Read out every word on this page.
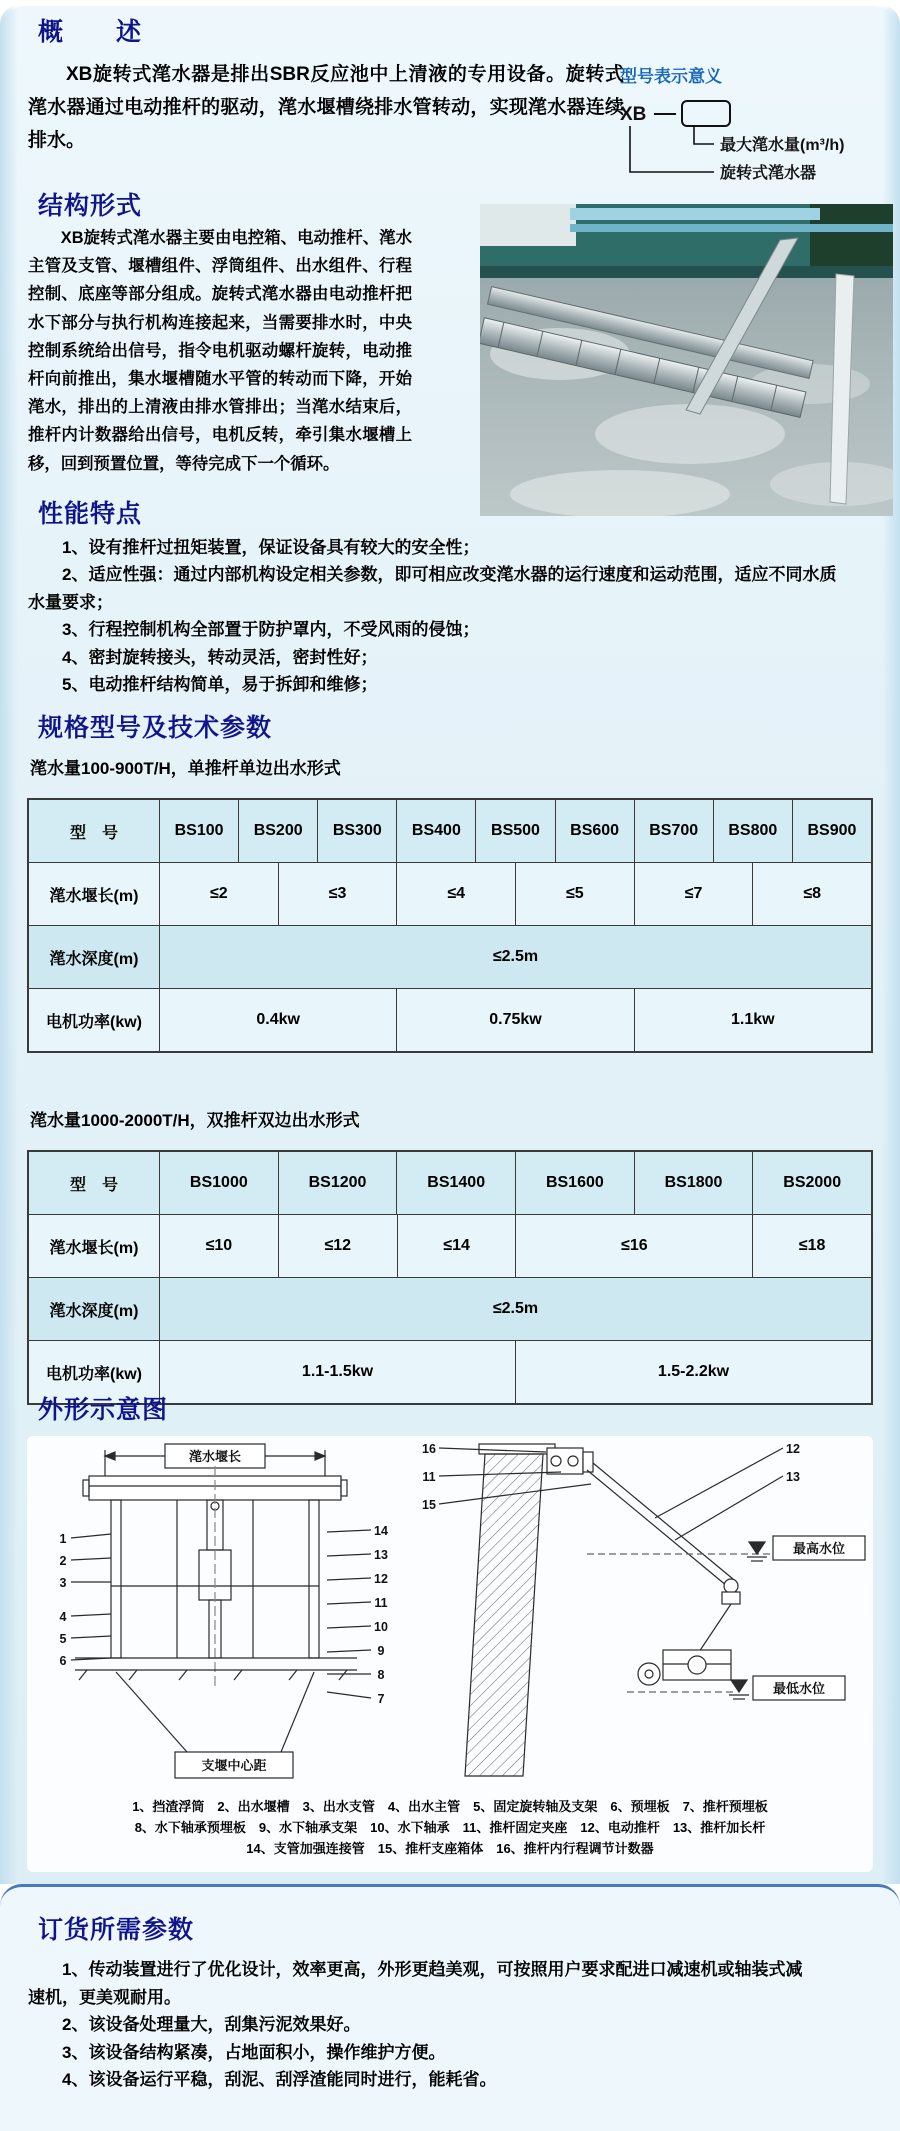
概　　述

XB旋转式滗水器是排出SBR反应池中上清液的专用设备。旋转式滗水器通过电动推杆的驱动，滗水堰槽绕排水管转动，实现滗水器连续排水。

型号表示意义
XB
最大滗水量(m³/h)
旋转式滗水器
结构形式

XB旋转式滗水器主要由电控箱、电动推杆、滗水主管及支管、堰槽组件、浮筒组件、出水组件、行程控制、底座等部分组成。旋转式滗水器由电动推杆把水下部分与执行机构连接起来，当需要排水时，中央控制系统给出信号，指令电机驱动螺杆旋转，电动推杆向前推出，集水堰槽随水平管的转动而下降，开始滗水，排出的上清液由排水管排出；当滗水结束后，推杆内计数器给出信号，电机反转，牵引集水堰槽上移，回到预置位置，等待完成下一个循环。

性能特点

1、设有推杆过扭矩装置，保证设备具有较大的安全性；

2、适应性强：通过内部机构设定相关参数，即可相应改变滗水器的运行速度和运动范围，适应不同水质水量要求；

3、行程控制机构全部置于防护罩内，不受风雨的侵蚀；

4、密封旋转接头，转动灵活，密封性好；

5、电动推杆结构简单，易于拆卸和维修；

规格型号及技术参数

滗水量100-900T/H，单推杆单边出水形式

型　号	BS100	BS200	BS300	BS400	BS500	BS600	BS700	BS800	BS900
滗水堰长(m)	≤2	≤3	≤4	≤5	≤7	≤8
滗水深度(m)	≤2.5m
电机功率(kw)	0.4kw	0.75kw	1.1kw

滗水量1000-2000T/H，双推杆双边出水形式

型　号	BS1000	BS1200	BS1400	BS1600	BS1800	BS2000
滗水堰长(m)	≤10	≤12	≤14	≤16	≤18
滗水深度(m)	≤2.5m
电机功率(kw)	1.1-1.5kw	1.5-2.2kw
外形示意图
滗水堰长
支堰中心距
最高水位
最低水位
1
2
3
4
5
6
14
13
12
11
10
9
8
7
16
11
15
12
13

1、挡渣浮筒　2、出水堰槽　3、出水支管　4、出水主管　5、固定旋转轴及支架　6、预埋板　7、推杆预埋板

8、水下轴承预埋板　9、水下轴承支架　10、水下轴承　11、推杆固定夹座　12、电动推杆　13、推杆加长杆

14、支管加强连接管　15、推杆支座箱体　16、推杆内行程调节计数器

订货所需参数

1、传动装置进行了优化设计，效率更高，外形更趋美观，可按照用户要求配进口减速机或轴装式减速机，更美观耐用。

2、该设备处理量大，刮集污泥效果好。

3、该设备结构紧凑，占地面积小，操作维护方便。

4、该设备运行平稳，刮泥、刮浮渣能同时进行，能耗省。
